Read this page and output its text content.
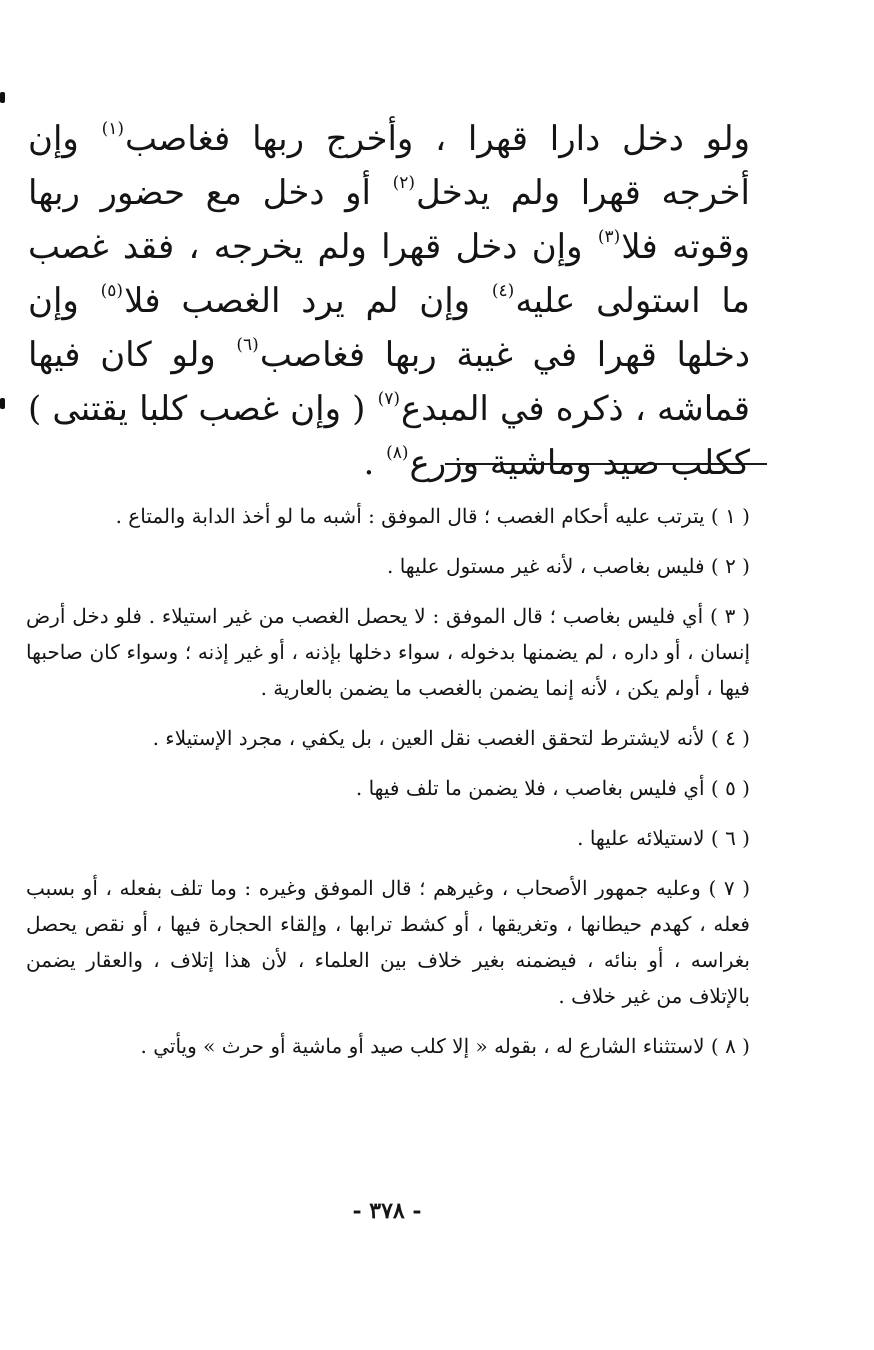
ولو دخل دارا قهرا ، وأخرج ربها فغاصب$^{(١)}$ وإن أخرجه قهرا ولم يدخل$^{(٢)}$ أو دخل مع حضور ربها وقوته فلا$^{(٣)}$ وإن دخل قهرا ولم يخرجه ، فقد غصب ما استولى عليه$^{(٤)}$ وإن لم يرد الغصب فلا$^{(٥)}$ وإن دخلها قهرا في غيبة ربها فغاصب$^{(٦)}$ ولو كان فيها قماشه ، ذكره في المبدع$^{(٧)}$ ( وإن غصب كلبا يقتنى ) ككلب صيد وماشية وزرع$^{(٨)}$ .

( ١ ) يترتب عليه أحكام الغصب ؛ قال الموفق : أشبه ما لو أخذ الدابة والمتاع .

( ٢ ) فليس بغاصب ، لأنه غير مستول عليها .

( ٣ ) أي فليس بغاصب ؛ قال الموفق : لا يحصل الغصب من غير استيلاء . فلو دخل أرض إنسان ، أو داره ، لم يضمنها بدخوله ، سواء دخلها بإذنه ، أو غير إذنه ؛ وسواء كان صاحبها فيها ، أولم يكن ، لأنه إنما يضمن بالغصب ما يضمن بالعارية .

( ٤ ) لأنه لايشترط لتحقق الغصب نقل العين ، بل يكفي ، مجرد الإستيلاء .

( ٥ ) أي فليس بغاصب ، فلا يضمن ما تلف فيها .

( ٦ ) لاستيلائه عليها .

( ٧ ) وعليه جمهور الأصحاب ، وغيرهم ؛ قال الموفق وغيره : وما تلف بفعله ، أو بسبب فعله ، كهدم حيطانها ، وتغريقها ، أو كشط ترابها ، وإلقاء الحجارة فيها ، أو نقص يحصل بغراسه ، أو بنائه ، فيضمنه بغير خلاف بين العلماء ، لأن هذا إتلاف ، والعقار يضمن بالإتلاف من غير خلاف .

( ٨ ) لاستثناء الشارع له ، بقوله « إلا كلب صيد أو ماشية أو حرث » ويأتي .

- ٣٧٨ -
